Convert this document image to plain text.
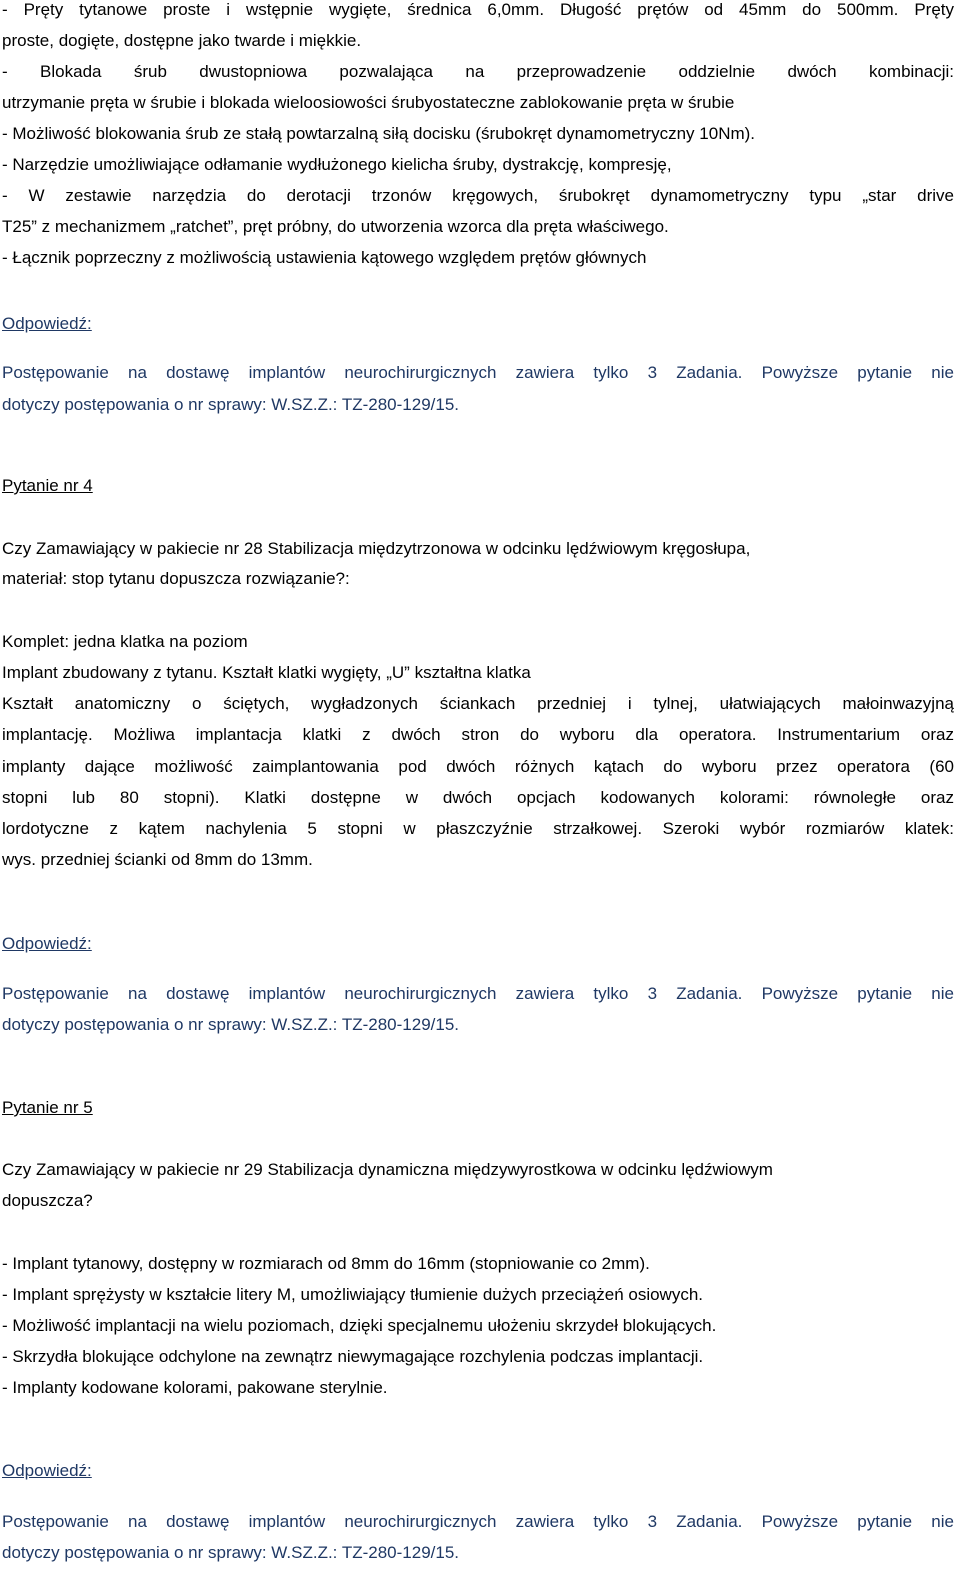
- Pręty tytanowe proste i wstępnie wygięte, średnica 6,0mm. Długość prętów od 45mm do 500mm. Pręty
proste, dogięte, dostępne jako twarde i miękkie.
- Blokada śrub dwustopniowa pozwalająca na przeprowadzenie oddzielnie dwóch kombinacji:
utrzymanie pręta w śrubie i blokada wieloosiowości śrubyostateczne zablokowanie pręta w śrubie
- Możliwość blokowania śrub ze stałą powtarzalną siłą docisku (śrubokręt dynamometryczny 10Nm).
- Narzędzie umożliwiające odłamanie wydłużonego kielicha śruby, dystrakcję, kompresję,
- W zestawie narzędzia do derotacji trzonów kręgowych, śrubokręt dynamometryczny typu „star drive
T25” z mechanizmem „ratchet”, pręt próbny, do utworzenia wzorca dla pręta właściwego.
- Łącznik poprzeczny z możliwością ustawienia kątowego względem prętów głównych
Odpowiedź:
Postępowanie na dostawę implantów neurochirurgicznych zawiera tylko 3 Zadania. Powyższe pytanie nie
dotyczy postępowania o nr sprawy: W.SZ.Z.: TZ-280-129/15.
Pytanie nr 4
Czy Zamawiający w pakiecie nr 28 Stabilizacja międzytrzonowa w odcinku lędźwiowym kręgosłupa,
materiał: stop tytanu dopuszcza rozwiązanie?:
Komplet: jedna klatka na poziom
Implant zbudowany z tytanu. Kształt klatki wygięty, „U” kształtna klatka
Kształt anatomiczny o ściętych, wygładzonych ściankach przedniej i tylnej, ułatwiających małoinwazyjną
implantację. Możliwa implantacja klatki z dwóch stron do wyboru dla operatora. Instrumentarium oraz
implanty dające możliwość zaimplantowania pod dwóch różnych kątach do wyboru przez operatora (60
stopni lub 80 stopni). Klatki dostępne w dwóch opcjach kodowanych kolorami: równoległe oraz
lordotyczne z kątem nachylenia 5 stopni w płaszczyźnie strzałkowej. Szeroki wybór rozmiarów klatek:
wys. przedniej ścianki od 8mm do 13mm.
Odpowiedź:
Postępowanie na dostawę implantów neurochirurgicznych zawiera tylko 3 Zadania. Powyższe pytanie nie
dotyczy postępowania o nr sprawy: W.SZ.Z.: TZ-280-129/15.
Pytanie nr 5
Czy Zamawiający w pakiecie nr 29 Stabilizacja dynamiczna międzywyrostkowa w odcinku lędźwiowym
dopuszcza?
- Implant tytanowy, dostępny w rozmiarach od 8mm do 16mm (stopniowanie co 2mm).
- Implant sprężysty w kształcie litery M, umożliwiający tłumienie dużych przeciążeń osiowych.
- Możliwość implantacji na wielu poziomach, dzięki specjalnemu ułożeniu skrzydeł blokujących.
- Skrzydła blokujące odchylone na zewnątrz niewymagające rozchylenia podczas implantacji.
- Implanty kodowane kolorami, pakowane sterylnie.
Odpowiedź:
Postępowanie na dostawę implantów neurochirurgicznych zawiera tylko 3 Zadania. Powyższe pytanie nie
dotyczy postępowania o nr sprawy: W.SZ.Z.: TZ-280-129/15.
